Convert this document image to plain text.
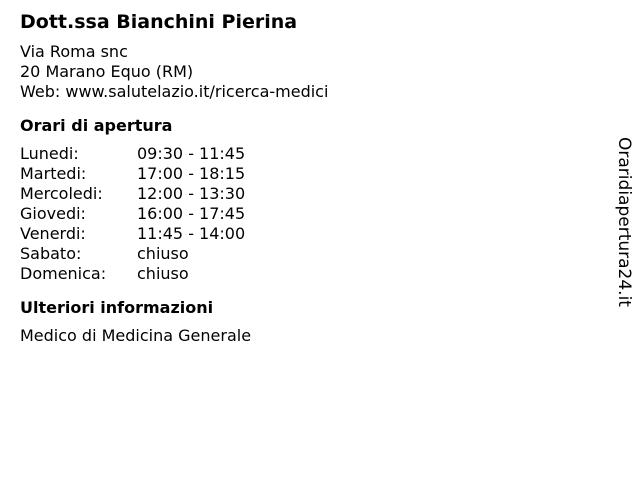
Dott.ssa Bianchini Pierina
Via Roma snc
20 Marano Equo (RM)
Web: www.salutelazio.it/ricerca-medici
Orari di apertura
Lunedi:	09:30 - 11:45
Martedi:	17:00 - 18:15
Mercoledi:	12:00 - 13:30
Giovedi:	16:00 - 17:45
Venerdi:	11:45 - 14:00
Sabato:	chiuso
Domenica:	chiuso
Ulteriori informazioni
Medico di Medicina Generale
Oraridiapertura24.it
